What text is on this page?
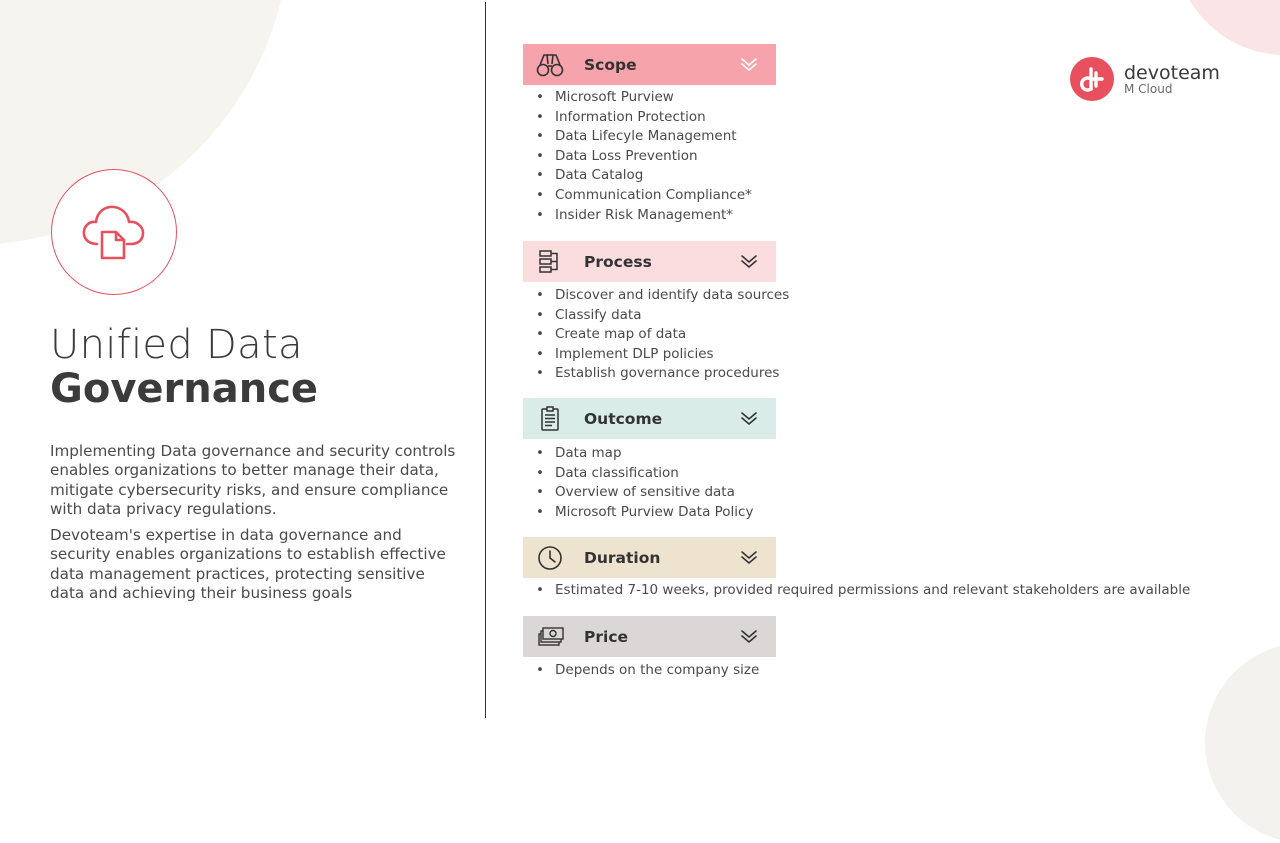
Unified Data
Governance

Implementing Data governance and security controls enables organizations to better manage their data, mitigate cybersecurity risks, and ensure compliance with data privacy regulations.

Devoteam's expertise in data governance and security enables organizations to establish effective data management practices, protecting sensitive data and achieving their business goals

devoteam
M Cloud
Scope
• Microsoft Purview
• Information Protection
• Data Lifecyle Management
• Data Loss Prevention
• Data Catalog
• Communication Compliance*
• Insider Risk Management*
Process
• Discover and identify data sources
• Classify data
• Create map of data
• Implement DLP policies
• Establish governance procedures
Outcome
• Data map
• Data classification
• Overview of sensitive data
• Microsoft Purview Data Policy
Duration
• Estimated 7-10 weeks, provided required permissions and relevant stakeholders are available
Price
• Depends on the company size
